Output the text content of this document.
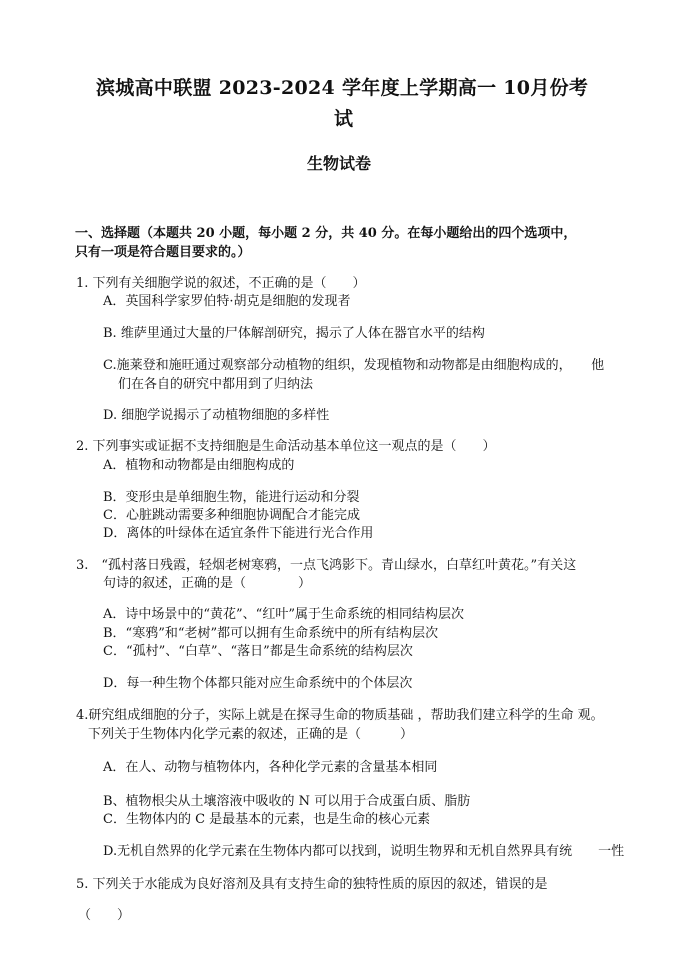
滨城高中联盟 2023-2024 学年度上学期高一 10月份考
试
生物试卷
一、选择题（本题共 20 小题，每小题 2 分，共 40 分。在每小题给出的四个选项中，
只有一项是符合题目要求的。）
1. 下列有关细胞学说的叙述，不正确的是（　　）
A．英国科学家罗伯特·胡克是细胞的发现者
B. 维萨里通过大量的尸体解剖研究，揭示了人体在器官水平的结构
C.施莱登和施旺通过观察部分动植物的组织，发现植物和动物都是由细胞构成的，　　他
们在各自的研究中都用到了归纳法
D. 细胞学说揭示了动植物细胞的多样性
2. 下列事实或证据不支持细胞是生命活动基本单位这一观点的是（　　）
A．植物和动物都是由细胞构成的
B．变形虫是单细胞生物，能进行运动和分裂
C．心脏跳动需要多种细胞协调配合才能完成
D．离体的叶绿体在适宜条件下能进行光合作用
3.　“孤村落日残霞，轻烟老树寒鸦，一点飞鸿影下。青山绿水，白草红叶黄花。”有关这
句诗的叙述，正确的是（　　　　）
A．诗中场景中的“黄花”、“红叶”属于生命系统的相同结构层次
B．“寒鸦”和“老树”都可以拥有生命系统中的所有结构层次
C．“孤村”、“白草”、“落日”都是生命系统的结构层次
D．每一种生物个体都只能对应生命系统中的个体层次
4.研究组成细胞的分子，实际上就是在探寻生命的物质基础 ，帮助我们建立科学的生命 观。
下列关于生物体内化学元素的叙述，正确的是（　　　）
A．在人、动物与植物体内，各种化学元素的含量基本相同
B、植物根尖从土壤溶液中吸收的 N 可以用于合成蛋白质、脂肪
C．生物体内的 C 是最基本的元素，也是生命的核心元素
D.无机自然界的化学元素在生物体内都可以找到，说明生物界和无机自然界具有统　　一性
5. 下列关于水能成为良好溶剂及具有支持生命的独特性质的原因的叙述，错误的是
（　　）
